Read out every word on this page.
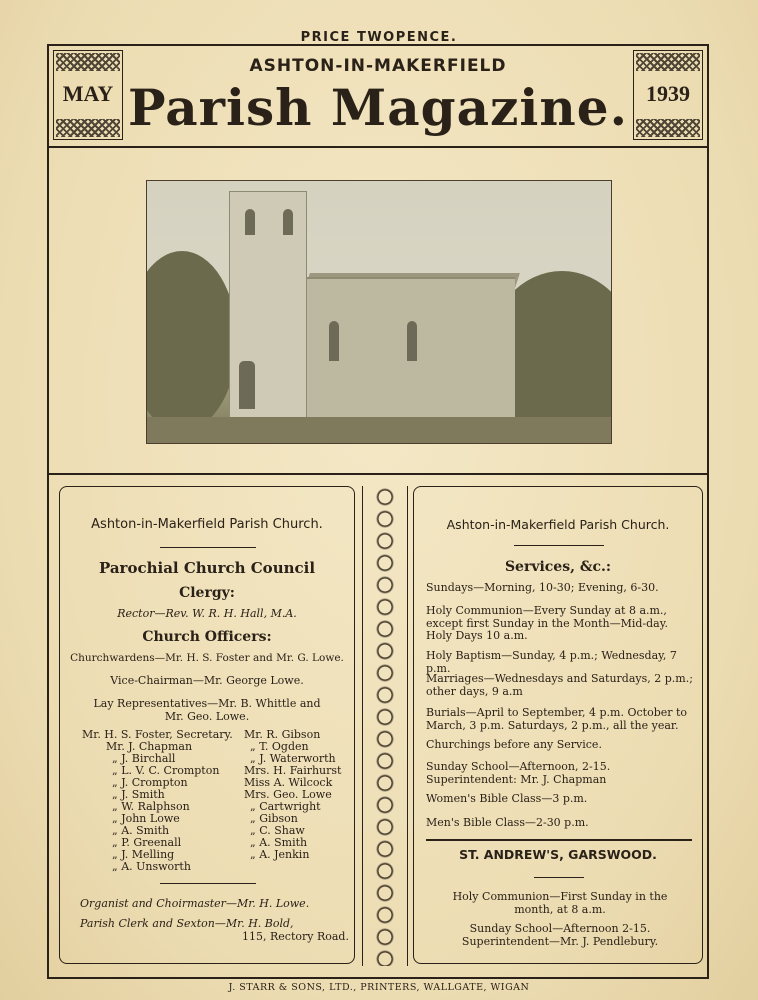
PRICE TWOPENCE.
MAY
ASHTON-IN-MAKERFIELD
Parish Magazine. 1939
Ashton-in-Makerfield Parish Church.
Parochial Church Council
Clergy:
Rector—Rev. W. R. H. Hall, M.A.
Church Officers:
Churchwardens—Mr. H. S. Foster and Mr. G. Lowe.
Vice-Chairman—Mr. George Lowe.
Lay Representatives—Mr. B. Whittle and
Mr. Geo. Lowe.
Mr. H. S. Foster, Secretary.
Mr. J. Chapman
„ J. Birchall
„ L. V. C. Crompton
„ J. Crompton
„ J. Smith
„ W. Ralphson
„ John Lowe
„ A. Smith
„ P. Greenall
„ J. Melling
„ A. Unsworth
Mr. R. Gibson
„ T. Ogden
„ J. Waterworth
Mrs. H. Fairhurst
Miss A. Wilcock
Mrs. Geo. Lowe
„ Cartwright
„ Gibson
„ C. Shaw
„ A. Smith
„ A. Jenkin
Organist and Choirmaster—Mr. H. Lowe.
Parish Clerk and Sexton—Mr. H. Bold,
115, Rectory Road.
Ashton-in-Makerfield Parish Church.
Services, &c.:
Sundays—Morning, 10-30; Evening, 6-30.
Holy Communion—Every Sunday at 8 a.m., except first Sunday in the Month—Mid-day. Holy Days 10 a.m.
Holy Baptism—Sunday, 4 p.m.; Wednesday, 7 p.m.
Marriages—Wednesdays and Saturdays, 2 p.m.; other days, 9 a.m
Burials—April to September, 4 p.m. October to March, 3 p.m. Saturdays, 2 p.m., all the year.
Churchings before any Service.
Sunday School—Afternoon, 2-15. Superintendent: Mr. J. Chapman
Women's Bible Class—3 p.m.
Men's Bible Class—2-30 p.m.
ST. ANDREW'S, GARSWOOD.
Holy Communion—First Sunday in the month, at 8 a.m.
Sunday School—Afternoon 2-15. Superintendent—Mr. J. Pendlebury.
J. STARR & SONS, LTD., PRINTERS, WALLGATE, WIGAN
